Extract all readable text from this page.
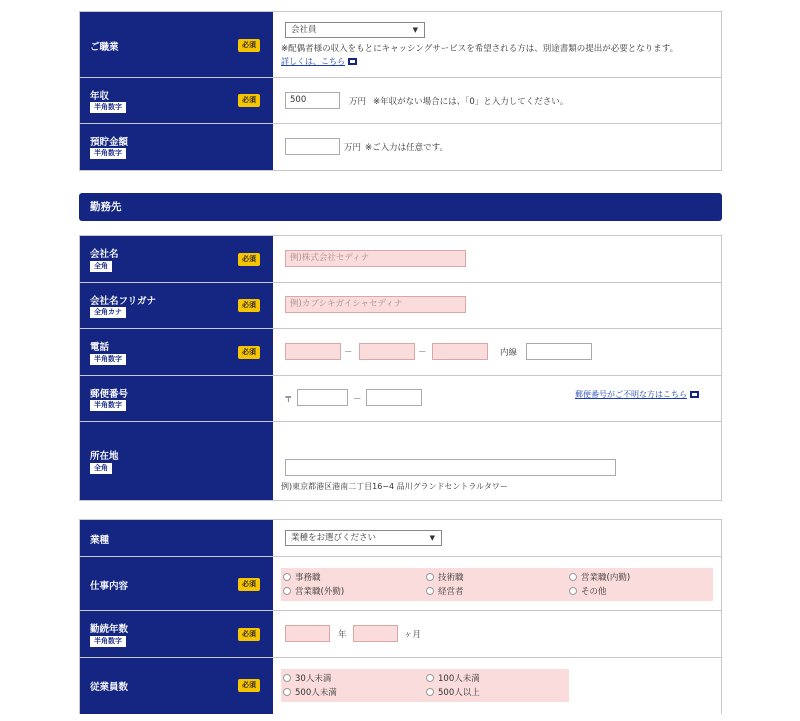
ご職業	必須
会社員	▼
※配偶者様の収入をもとにキャッシングサービスを希望される方は、別途書類の提出が必要となります。
詳しくは、こちら
年収
半角数字
必須	500	万円 ※年収がない場合には、「0」と入力してください。
預貯金額
半角数字	万円 ※ご入力は任意です。
勤務先
会社名
全角
必須	例)株式会社セディナ
会社名フリガナ
全角カナ
必須	例)カブシキガイシャセディナ
電話
半角数字
必須	－	－	内線
郵便番号
半角数字	〒	－
郵便番号がご不明な方はこちら
所在地
全角
例)東京都港区港南二丁目16−4 品川グランドセントラルタワー
業種	業種をお選びください	▼
仕事内容	必須
事務職	技術職	営業職(内勤)
営業職(外勤)	経営者	その他
勤続年数
半角数字
必須	年	ヶ月
従業員数	必須
30人未満	100人未満
500人未満	500人以上
